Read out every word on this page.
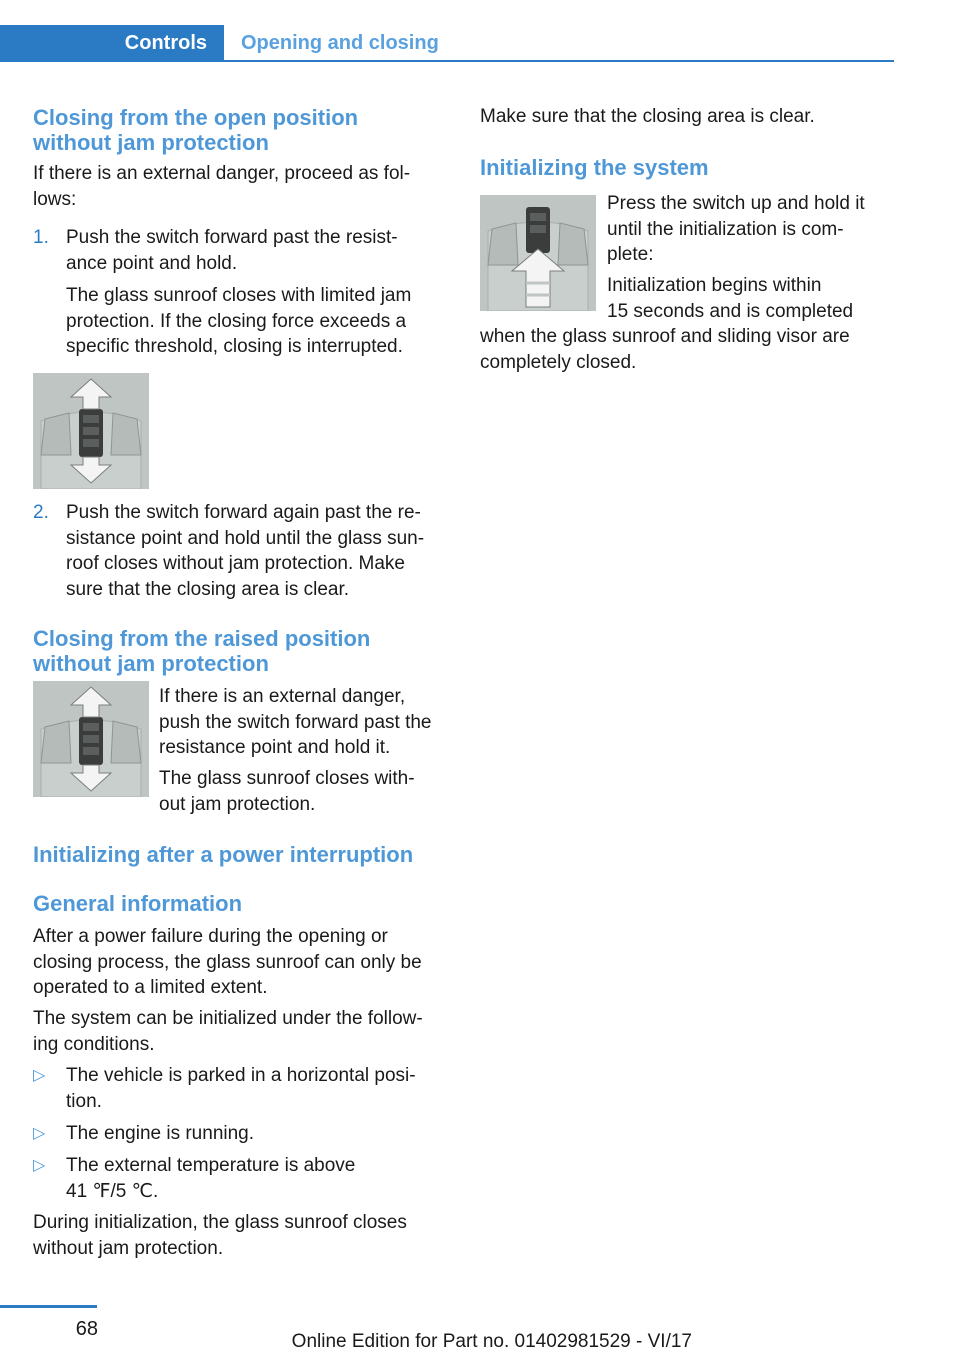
Controls	Opening and closing
Closing from the open position
without jam protection

If there is an external danger, proceed as fol-
lows:

1. Push the switch forward past the resist-
ance point and hold.

The glass sunroof closes with limited jam
protection. If the closing force exceeds a
specific threshold, closing is interrupted.

2. Push the switch forward again past the re-
sistance point and hold until the glass sun-
roof closes without jam protection. Make
sure that the closing area is clear.

Closing from the raised position
without jam protection

If there is an external danger,
push the switch forward past the
resistance point and hold it.

The glass sunroof closes with-
out jam protection.

Initializing after a power interruption
General information

After a power failure during the opening or
closing process, the glass sunroof can only be
operated to a limited extent.

The system can be initialized under the follow-
ing conditions.

▷ The vehicle is parked in a horizontal posi-
tion.

▷ The engine is running.

▷ The external temperature is above
41 ℉/5 ℃.

During initialization, the glass sunroof closes
without jam protection.

Make sure that the closing area is clear.

Initializing the system

Press the switch up and hold it
until the initialization is com-
plete:

Initialization begins within
15 seconds and is completed

when the glass sunroof and sliding visor are
completely closed.

68
Online Edition for Part no. 01402981529 - VI/17
